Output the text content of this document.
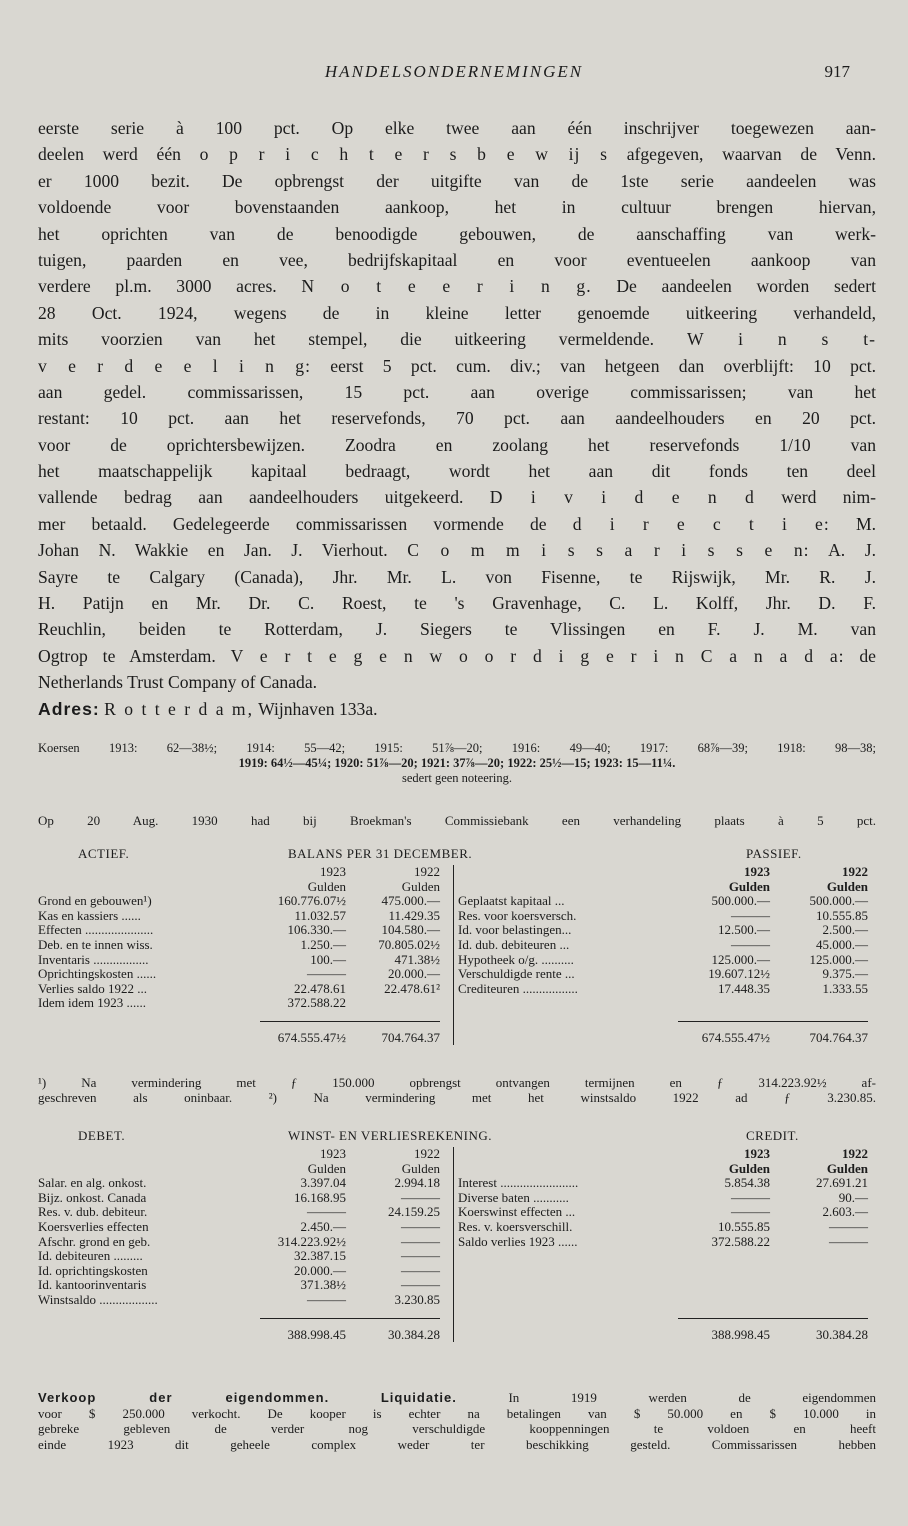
HANDELSONDERNEMINGEN	917
eerste serie à 100 pct. Op elke twee aan één inschrijver toegewezen aan-
deelen werd één o p r i c h t e r s b e w ij s afgegeven, waarvan de Venn.
er 1000 bezit. De opbrengst der uitgifte van de 1ste serie aandeelen was
voldoende voor bovenstaanden aankoop, het in cultuur brengen hiervan,
het oprichten van de benoodigde gebouwen, de aanschaffing van werk-
tuigen, paarden en vee, bedrijfskapitaal en voor eventueelen aankoop van
verdere pl.m. 3000 acres. N o t e e r i n g. De aandeelen worden sedert
28 Oct. 1924, wegens de in kleine letter genoemde uitkeering verhandeld,
mits voorzien van het stempel, die uitkeering vermeldende. W i n s t-
v e r d e e l i n g: eerst 5 pct. cum. div.; van hetgeen dan overblijft: 10 pct.
aan gedel. commissarissen, 15 pct. aan overige commissarissen; van het
restant: 10 pct. aan het reservefonds, 70 pct. aan aandeelhouders en 20 pct.
voor de oprichtersbewijzen. Zoodra en zoolang het reservefonds 1/10 van
het maatschappelijk kapitaal bedraagt, wordt het aan dit fonds ten deel
vallende bedrag aan aandeelhouders uitgekeerd. D i v i d e n d werd nim-
mer betaald. Gedelegeerde commissarissen vormende de d i r e c t i e: M.
Johan N. Wakkie en Jan. J. Vierhout. C o m m i s s a r i s s e n: A. J.
Sayre te Calgary (Canada), Jhr. Mr. L. von Fisenne, te Rijswijk, Mr. R. J.
H. Patijn en Mr. Dr. C. Roest, te 's Gravenhage, C. L. Kolff, Jhr. D. F.
Reuchlin, beiden te Rotterdam, J. Siegers te Vlissingen en F. J. M. van
Ogtrop te Amsterdam. V e r t e g e n w o o r d i g e r i n C a n a d a: de
Netherlands Trust Company of Canada.
Adres: R o t t e r d a m, Wijnhaven 133a.
Koersen 1913: 62—38½; 1914: 55—42; 1915: 51⅞—20; 1916: 49—40; 1917: 68⅞—39; 1918: 98—38;
1919: 64½—45¼; 1920: 51⅞—20; 1921: 37⅞—20; 1922: 25½—15; 1923: 15—11¼.
sedert geen noteering.
Op 20 Aug. 1930 had bij Broekman's Commissiebank een verhandeling plaats à 5 pct.
ACTIEF.	BALANS PER 31 DECEMBER.	PASSIEF.
1923	1922	1923	1922
Gulden	Gulden	Gulden	Gulden
Grond en gebouwen¹)	160.776.07½	475.000.— Geplaatst kapitaal ...	500.000.—	500.000.—
Kas en kassiers ......	11.032.57	11.429.35 Res. voor koersversch.	———	10.555.85
Effecten .....................	106.330.—	104.580.— Id. voor belastingen...	12.500.—	2.500.—
Deb. en te innen wiss.	1.250.—	70.805.02½ Id. dub. debiteuren ...	———	45.000.—
Inventaris .................	100.—	471.38½ Hypotheek o/g. ..........	125.000.—	125.000.—
Oprichtingskosten ......	———	20.000.— Verschuldigde rente ...	19.607.12½	9.375.—
Verlies saldo 1922 ...	22.478.61	22.478.61² Crediteuren .................	17.448.35	1.333.55
Idem idem 1923 ......	372.588.22
674.555.47½	704.764.37	674.555.47½	704.764.37
¹) Na vermindering met ƒ 150.000 opbrengst ontvangen termijnen en ƒ 314.223.92½ af-
geschreven als oninbaar. ²) Na vermindering met het winstsaldo 1922 ad ƒ 3.230.85.
DEBET.	WINST- EN VERLIESREKENING.	CREDIT.
1923	1922	1923	1922
Gulden	Gulden	Gulden	Gulden
Salar. en alg. onkost.	3.397.04	2.994.18 Interest ........................	5.854.38	27.691.21
Bijz. onkost. Canada	16.168.95	——— Diverse baten ...........	———	90.—
Res. v. dub. debiteur.	———	24.159.25 Koerswinst effecten ...	———	2.603.—
Koersverlies effecten	2.450.—	——— Res. v. koersverschill.	10.555.85	———
Afschr. grond en geb.	314.223.92½	——— Saldo verlies 1923 ......	372.588.22	———
Id. debiteuren .........	32.387.15	———
Id. oprichtingskosten	20.000.—	———
Id. kantoorinventaris	371.38½	———
Winstsaldo ..................	———	3.230.85
388.998.45	30.384.28	388.998.45	30.384.28
Verkoop der eigendommen.	Liquidatie. In 1919 werden de eigendommen
voor $ 250.000 verkocht. De kooper is echter na betalingen van $ 50.000 en $ 10.000 in
gebreke gebleven de verder nog verschuldigde kooppenningen te voldoen en heeft
einde 1923 dit geheele complex weder ter beschikking gesteld. Commissarissen hebben
